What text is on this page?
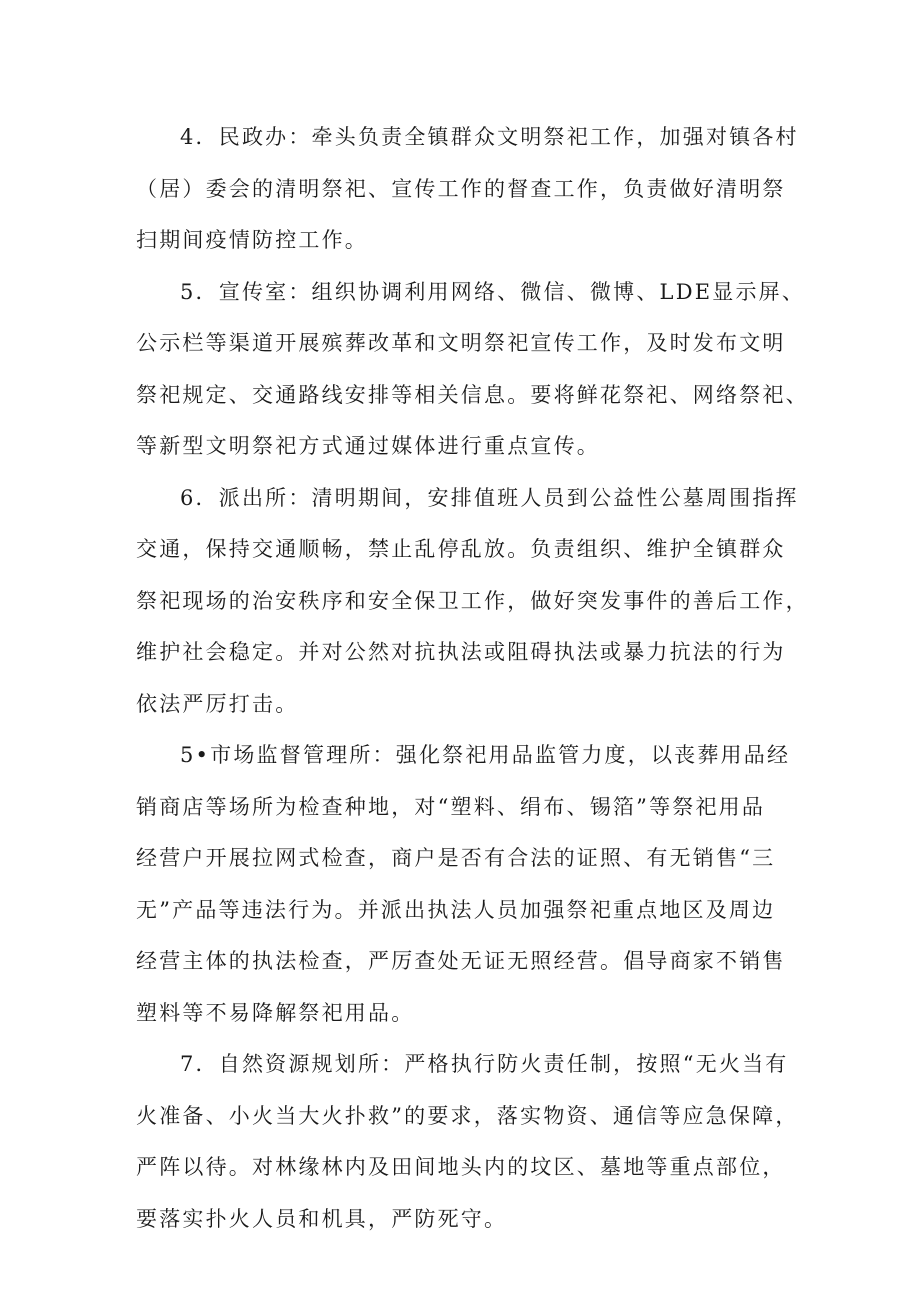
4．民政办：牵头负责全镇群众文明祭祀工作，加强对镇各村
（居）委会的清明祭祀、宣传工作的督查工作，负责做好清明祭
扫期间疫情防控工作。

5．宣传室：组织协调利用网络、微信、微博、LDE显示屏、
公示栏等渠道开展殡葬改革和文明祭祀宣传工作，及时发布文明
祭祀规定、交通路线安排等相关信息。要将鲜花祭祀、网络祭祀、
等新型文明祭祀方式通过媒体进行重点宣传。

6．派出所：清明期间，安排值班人员到公益性公墓周围指挥
交通，保持交通顺畅，禁止乱停乱放。负责组织、维护全镇群众
祭祀现场的治安秩序和安全保卫工作，做好突发事件的善后工作，
维护社会稳定。并对公然对抗执法或阻碍执法或暴力抗法的行为
依法严厉打击。

5•市场监督管理所：强化祭祀用品监管力度，以丧葬用品经
销商店等场所为检查种地，对“塑料、绢布、锡箔”等祭祀用品
经营户开展拉网式检查，商户是否有合法的证照、有无销售“三
无”产品等违法行为。并派出执法人员加强祭祀重点地区及周边
经营主体的执法检查，严厉查处无证无照经营。倡导商家不销售
塑料等不易降解祭祀用品。

7．自然资源规划所：严格执行防火责任制，按照“无火当有
火准备、小火当大火扑救”的要求，落实物资、通信等应急保障，
严阵以待。对林缘林内及田间地头内的坟区、墓地等重点部位，
要落实扑火人员和机具，严防死守。
